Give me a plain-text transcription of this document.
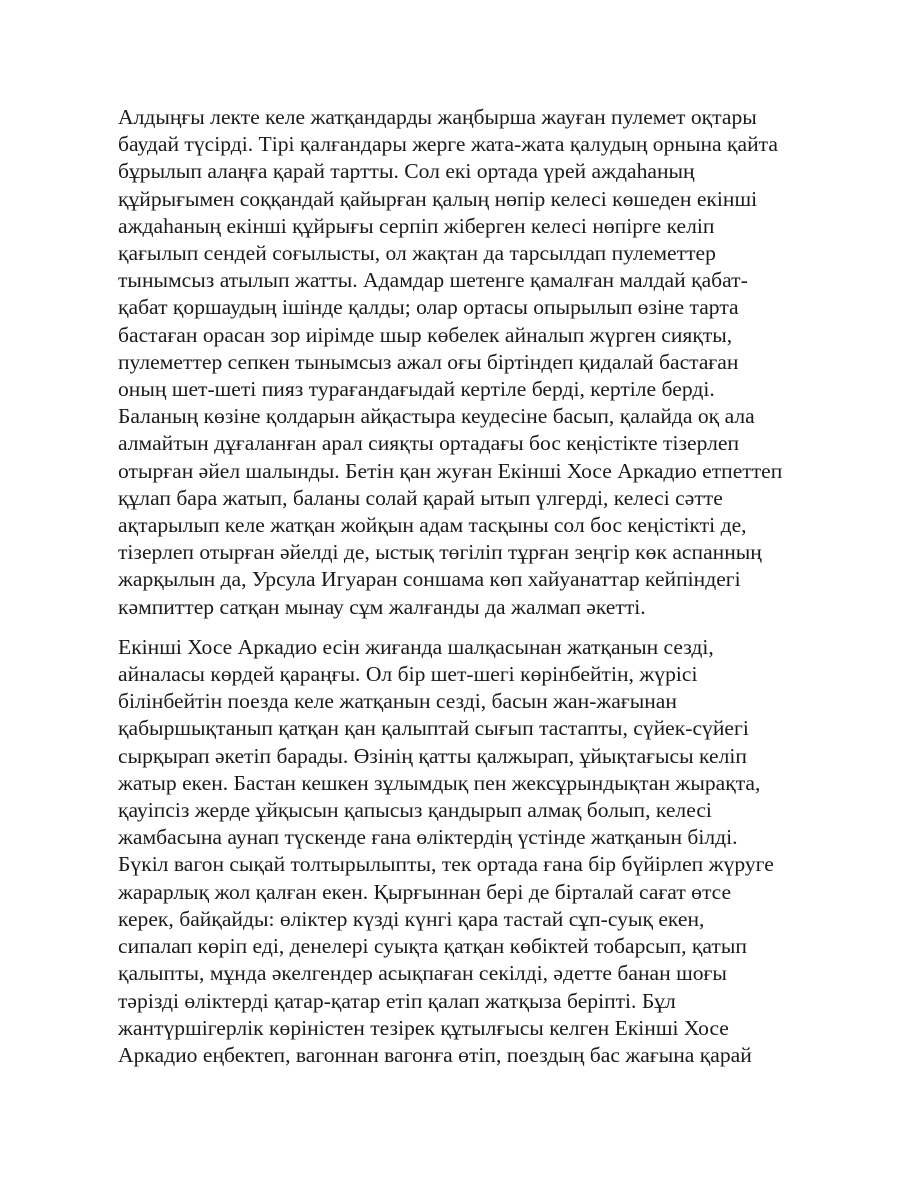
Алдыңғы лекте келе жатқандарды жаңбырша жауған пулемет оқтары
баудай түсірді. Тірі қалғандары жерге жата-жата қалудың орнына қайта
бұрылып алаңға қарай тартты. Сол екі ортада үрей аждаһаның
құйрығымен соққандай қайырған қалың нөпір келесі көшеден екінші
аждаһаның екінші құйрығы серпіп жіберген келесі нөпірге келіп
қағылып сендей соғылысты, ол жақтан да тарсылдап пулеметтер
тынымсыз атылып жатты. Адамдар шетенге қамалған малдай қабат-
қабат қоршаудың ішінде қалды; олар ортасы опырылып өзіне тарта
бастаған орасан зор иірімде шыр көбелек айналып жүрген сияқты,
пулеметтер сепкен тынымсыз ажал оғы біртіндеп қидалай бастаған
оның шет-шеті пияз турағандағыдай кертіле берді, кертіле берді.
Баланың көзіне қолдарын айқастыра кеудесіне басып, қалайда оқ ала
алмайтын дұғаланған арал сияқты ортадағы бос кеңістікте тізерлеп
отырған әйел шалынды. Бетін қан жуған Екінші Хосе Аркадио етпеттеп
құлап бара жатып, баланы солай қарай ытып үлгерді, келесі сәтте
ақтарылып келе жатқан жойқын адам тасқыны сол бос кеңістікті де,
тізерлеп отырған әйелді де, ыстық төгіліп тұрған зеңгір көк аспанның
жарқылын да, Урсула Игуаран соншама көп хайуанаттар кейпіндегі
кәмпиттер сатқан мынау сұм жалғанды да жалмап әкетті.

Екінші Хосе Аркадио есін жиғанда шалқасынан жатқанын сезді,
айналасы көрдей қараңғы. Ол бір шет-шегі көрінбейтін, жүрісі
білінбейтін поезда келе жатқанын сезді, басын жан-жағынан
қабыршықтанып қатқан қан қалыптай сығып тастапты, сүйек-сүйегі
сырқырап әкетіп барады. Өзінің қатты қалжырап, ұйықтағысы келіп
жатыр екен. Бастан кешкен зұлымдық пен жексұрындықтан жырақта,
қауіпсіз жерде ұйқысын қапысыз қандырып алмақ болып, келесі
жамбасына аунап түскенде ғана өліктердің үстінде жатқанын білді.
Бүкіл вагон сықай толтырылыпты, тек ортада ғана бір бүйірлеп жүруге
жарарлық жол қалған екен. Қырғыннан бері де бірталай сағат өтсе
керек, байқайды: өліктер күзді күнгі қара тастай сұп-суық екен,
сипалап көріп еді, денелері суықта қатқан көбіктей тобарсып, қатып
қалыпты, мұнда әкелгендер асықпаған секілді, әдетте банан шоғы
тәрізді өліктерді қатар-қатар етіп қалап жатқыза беріпті. Бұл
жантүршігерлік көріністен тезірек құтылғысы келген Екінші Хосе
Аркадио еңбектеп, вагоннан вагонға өтіп, поездың бас жағына қарай
